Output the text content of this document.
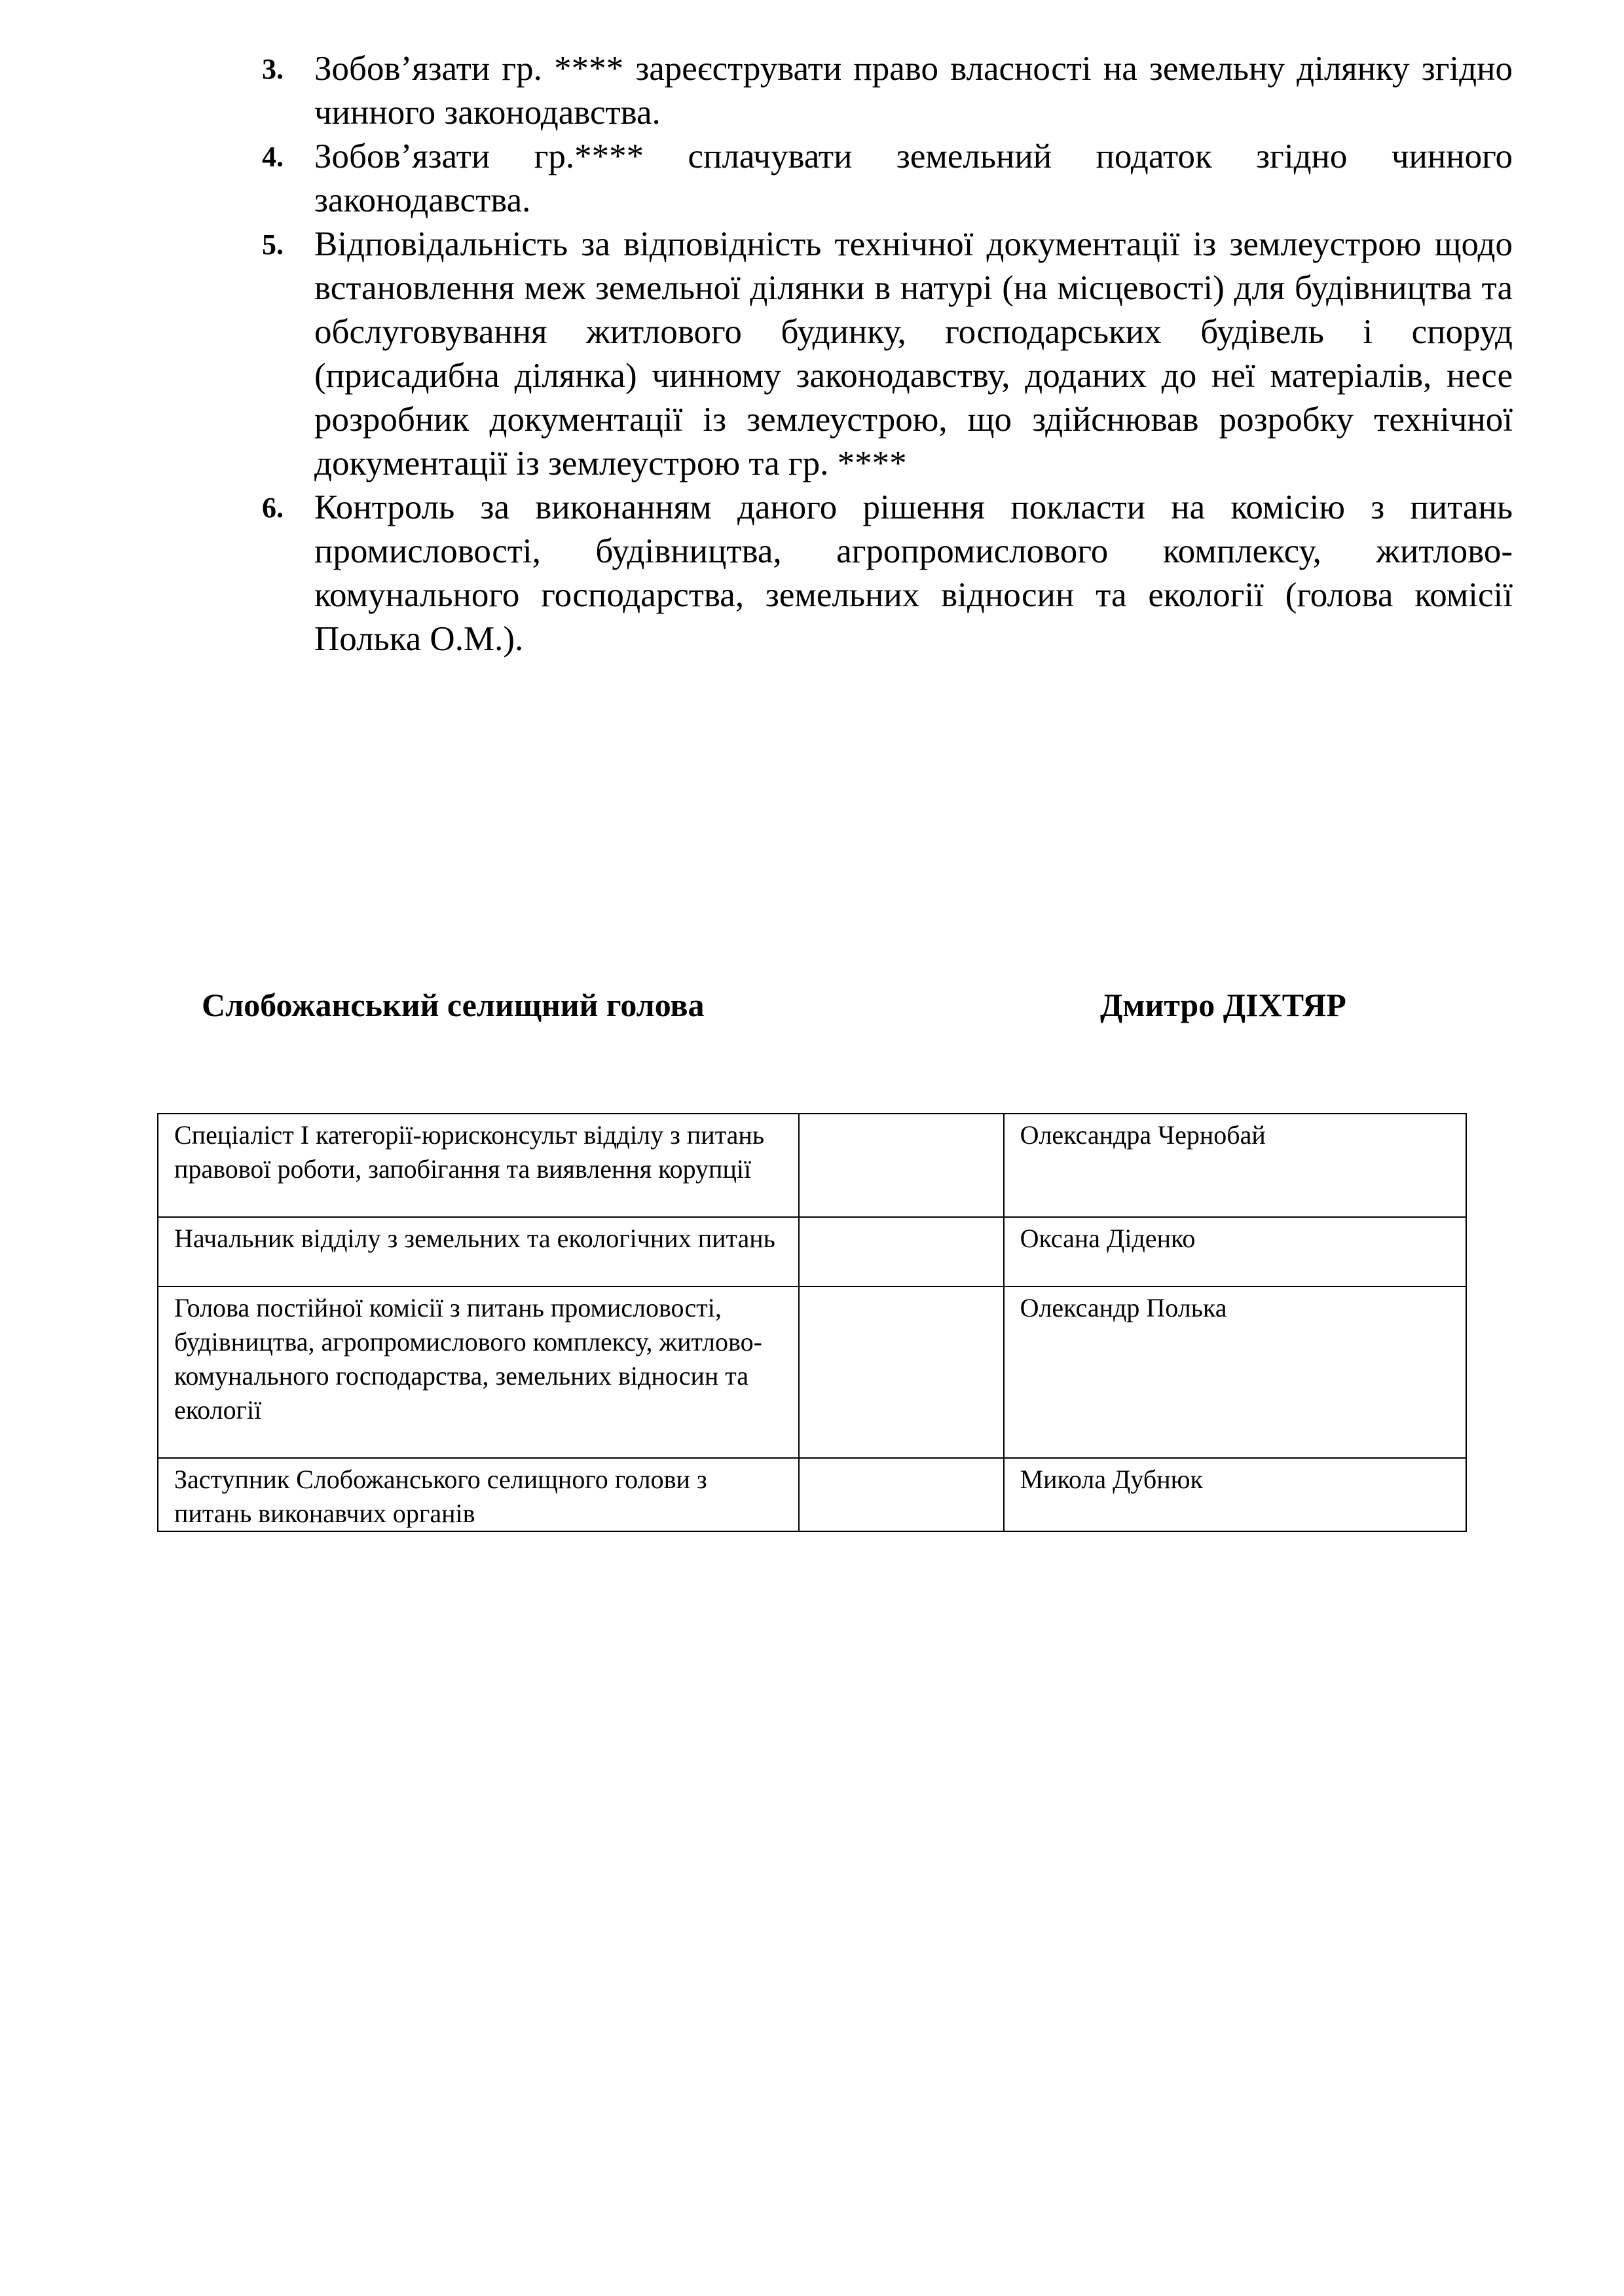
3. Зобов’язати гр. **** зареєструвати право власності на земельну ділянку згідно чинного законодавства.
4. Зобов’язати гр.**** сплачувати земельний податок згідно чинного законодавства.
5. Відповідальність за відповідність технічної документації із землеустрою щодо встановлення меж земельної ділянки в натурі (на місцевості) для будівництва та обслуговування житлового будинку, господарських будівель і споруд (присадибна ділянка) чинному законодавству, доданих до неї матеріалів, несе розробник документації із землеустрою, що здійснював розробку технічної документації із землеустрою та гр. ****
6. Контроль за виконанням даного рішення покласти на комісію з питань промисловості, будівництва, агропромислового комплексу, житлово-комунального господарства, земельних відносин та екології (голова комісії Полька О.М.).
Слобожанський селищний голова	Дмитро ДІХТЯР
Спеціаліст І категорії-юрисконсульт відділу з питань правової роботи, запобігання та виявлення корупції		Олександра Чернобай
Начальник відділу з земельних та екологічних питань		Оксана Діденко
Голова постійної комісії з питань промисловості, будівництва, агропромислового комплексу, житлово-комунального господарства, земельних відносин та екології		Олександр Полька
Заступник Слобожанського селищного голови з питань виконавчих органів		Микола Дубнюк
